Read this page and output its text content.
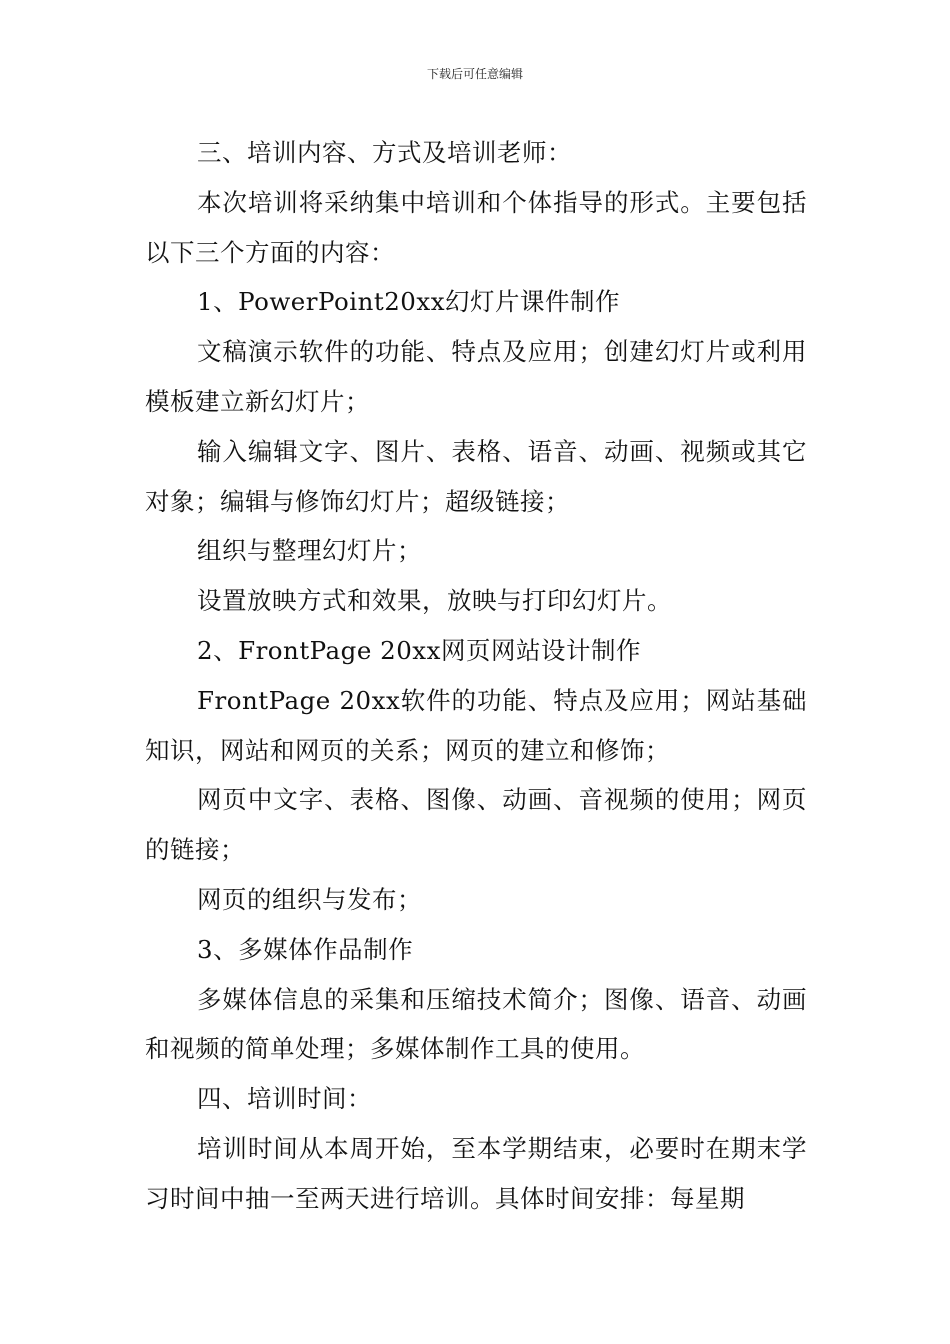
下载后可任意编辑

三、培训内容、方式及培训老师：

本次培训将采纳集中培训和个体指导的形式。主要包括以下三个方面的内容：

1、PowerPoint20xx幻灯片课件制作

文稿演示软件的功能、特点及应用；创建幻灯片或利用模板建立新幻灯片；

输入编辑文字、图片、表格、语音、动画、视频或其它对象；编辑与修饰幻灯片；超级链接；

组织与整理幻灯片；

设置放映方式和效果，放映与打印幻灯片。

2、FrontPage 20xx网页网站设计制作

FrontPage 20xx软件的功能、特点及应用；网站基础知识，网站和网页的关系；网页的建立和修饰；

网页中文字、表格、图像、动画、音视频的使用；网页的链接；

网页的组织与发布；

3、多媒体作品制作

多媒体信息的采集和压缩技术简介；图像、语音、动画和视频的简单处理；多媒体制作工具的使用。

四、培训时间：

培训时间从本周开始，至本学期结束，必要时在期末学习时间中抽一至两天进行培训。具体时间安排：每星期
